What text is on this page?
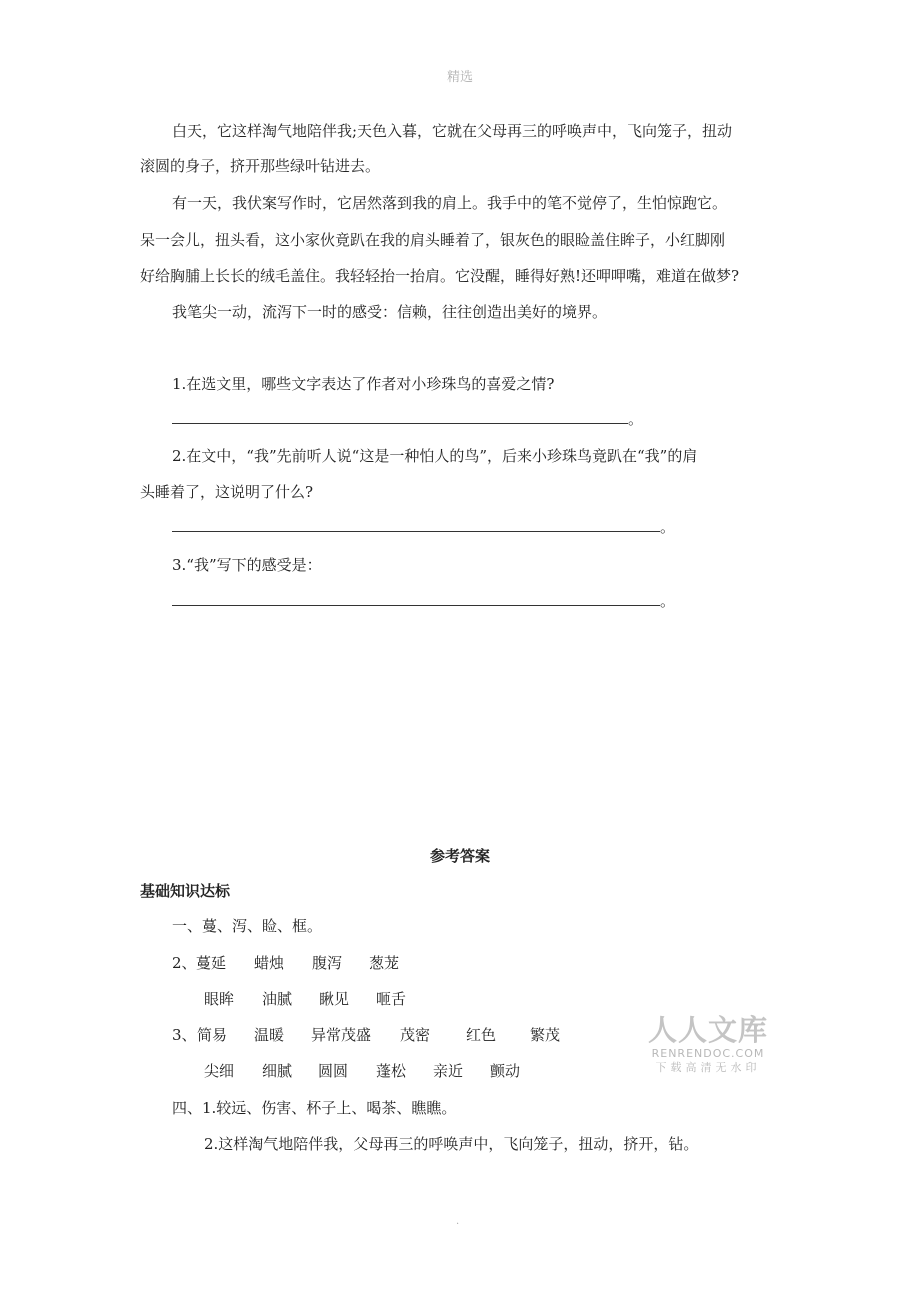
精选
白天，它这样淘气地陪伴我;天色入暮，它就在父母再三的呼唤声中，飞向笼子，扭动
滚圆的身子，挤开那些绿叶钻进去。
有一天，我伏案写作时，它居然落到我的肩上。我手中的笔不觉停了，生怕惊跑它。
呆一会儿，扭头看，这小家伙竟趴在我的肩头睡着了，银灰色的眼睑盖住眸子，小红脚刚
好给胸脯上长长的绒毛盖住。我轻轻抬一抬肩。它没醒，睡得好熟!还呷呷嘴，难道在做梦?
我笔尖一动，流泻下一时的感受：信赖，往往创造出美好的境界。
1.在选文里，哪些文字表达了作者对小珍珠鸟的喜爱之情?
。
2.在文中，“我”先前听人说“这是一种怕人的鸟”，后来小珍珠鸟竟趴在“我”的肩
头睡着了，这说明了什么?
。
3.“我”写下的感受是：
。
参考答案
基础知识达标
一、蔓、泻、睑、框。
2、 蔓延 蜡烛 腹泻 葱茏
眼眸 油腻 瞅见 咂舌
3、 简易 温暖 异常茂盛 茂密 红色 繁茂
尖细 细腻 圆圆 蓬松 亲近 颤动
四、1.较远、伤害、杯子上、喝茶、瞧瞧。
2.这样淘气地陪伴我，父母再三的呼唤声中，飞向笼子，扭动，挤开，钻。
人人文库
RENRENDOC.COM
下载高清无水印
.
